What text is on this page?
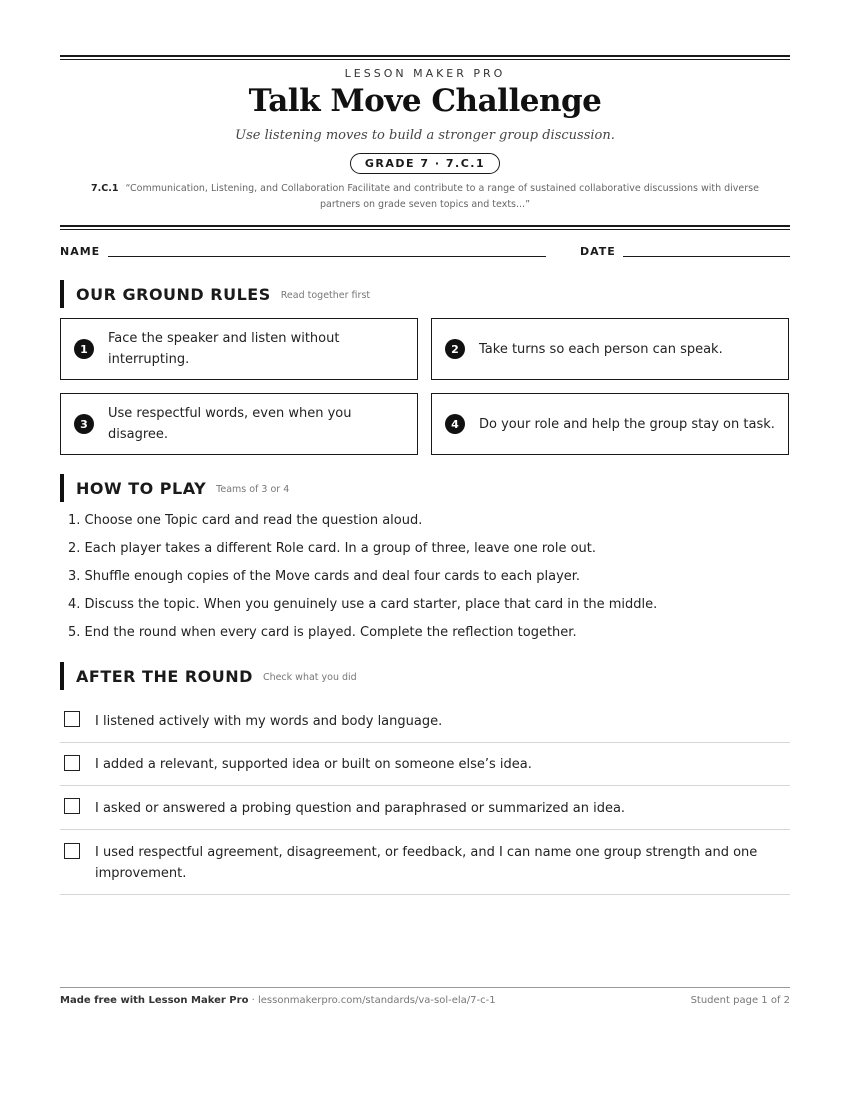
LESSON MAKER PRO
Talk Move Challenge
Use listening moves to build a stronger group discussion.
GRADE 7 · 7.C.1
7.C.1 “Communication, Listening, and Collaboration Facilitate and contribute to a range of sustained collaborative discussions with diverse partners on grade seven topics and texts...”
NAME	DATE
OUR GROUND RULES Read together first
1
Face the speaker and listen without interrupting.
2	Take turns so each person can speak.
3
Use respectful words, even when you disagree.
4	Do your role and help the group stay on task.
HOW TO PLAY Teams of 3 or 4
1. Choose one Topic card and read the question aloud.
2. Each player takes a different Role card. In a group of three, leave one role out.
3. Shuffle enough copies of the Move cards and deal four cards to each player.
4. Discuss the topic. When you genuinely use a card starter, place that card in the middle.
5. End the round when every card is played. Complete the reflection together.
AFTER THE ROUND Check what you did
I listened actively with my words and body language.
I added a relevant, supported idea or built on someone else’s idea.
I asked or answered a probing question and paraphrased or summarized an idea.
I used respectful agreement, disagreement, or feedback, and I can name one group strength and one improvement.
Made free with Lesson Maker Pro · lessonmakerpro.com/standards/va-sol-ela/7-c-1	Student page 1 of 2
